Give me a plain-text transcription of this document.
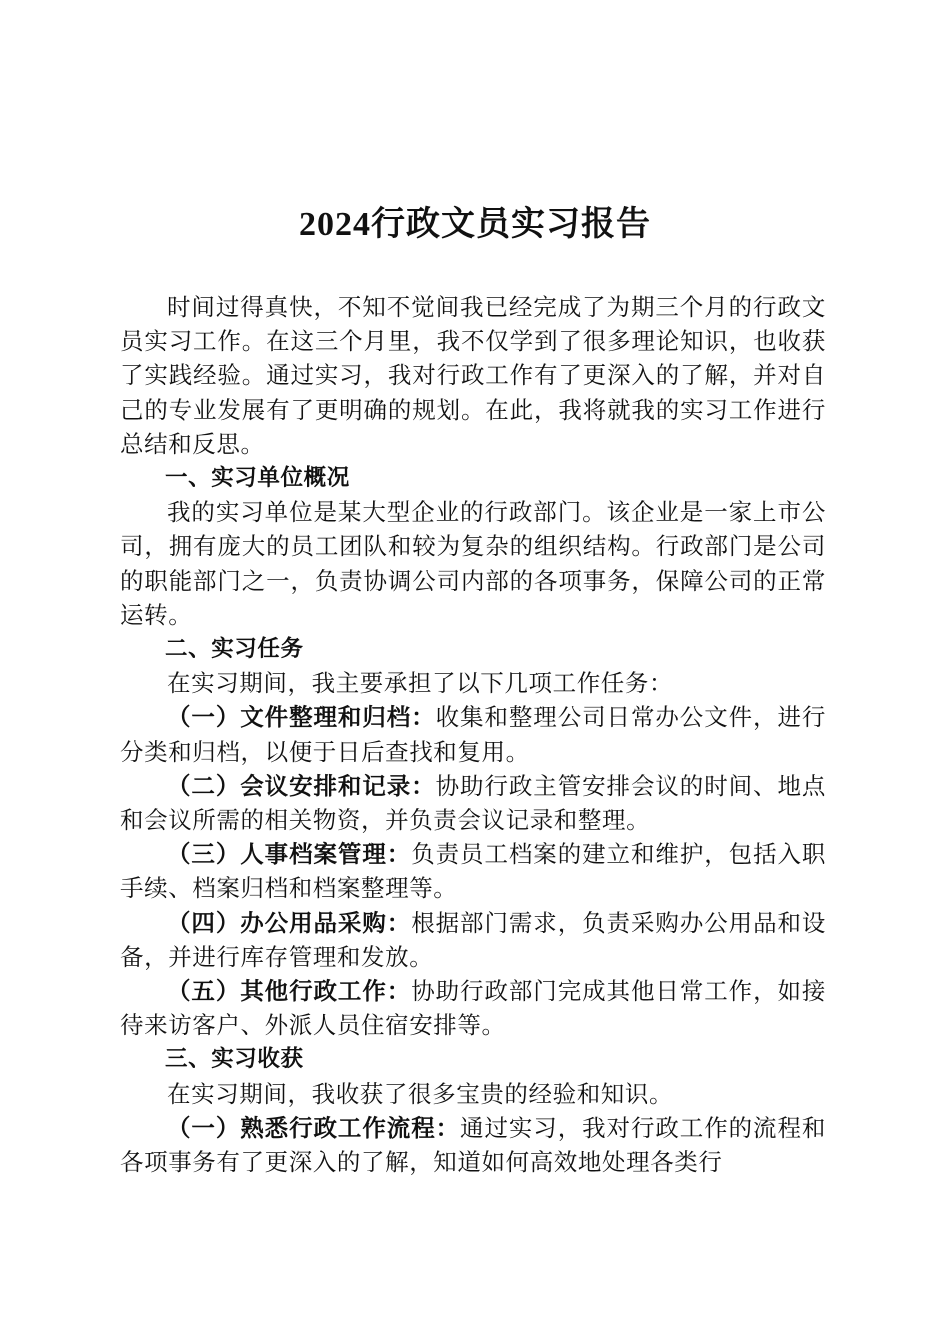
2024行政文员实习报告

时间过得真快，不知不觉间我已经完成了为期三个月的行政文员实习工作。在这三个月里，我不仅学到了很多理论知识，也收获了实践经验。通过实习，我对行政工作有了更深入的了解，并对自己的专业发展有了更明确的规划。在此，我将就我的实习工作进行总结和反思。

一、实习单位概况

我的实习单位是某大型企业的行政部门。该企业是一家上市公司，拥有庞大的员工团队和较为复杂的组织结构。行政部门是公司的职能部门之一，负责协调公司内部的各项事务，保障公司的正常运转。

二、实习任务

在实习期间，我主要承担了以下几项工作任务：

（一）文件整理和归档：收集和整理公司日常办公文件，进行分类和归档，以便于日后查找和复用。

（二）会议安排和记录：协助行政主管安排会议的时间、地点和会议所需的相关物资，并负责会议记录和整理。

（三）人事档案管理：负责员工档案的建立和维护，包括入职手续、档案归档和档案整理等。

（四）办公用品采购：根据部门需求，负责采购办公用品和设备，并进行库存管理和发放。

（五）其他行政工作：协助行政部门完成其他日常工作，如接待来访客户、外派人员住宿安排等。

三、实习收获

在实习期间，我收获了很多宝贵的经验和知识。

（一）熟悉行政工作流程：通过实习，我对行政工作的流程和各项事务有了更深入的了解，知道如何高效地处理各类行
